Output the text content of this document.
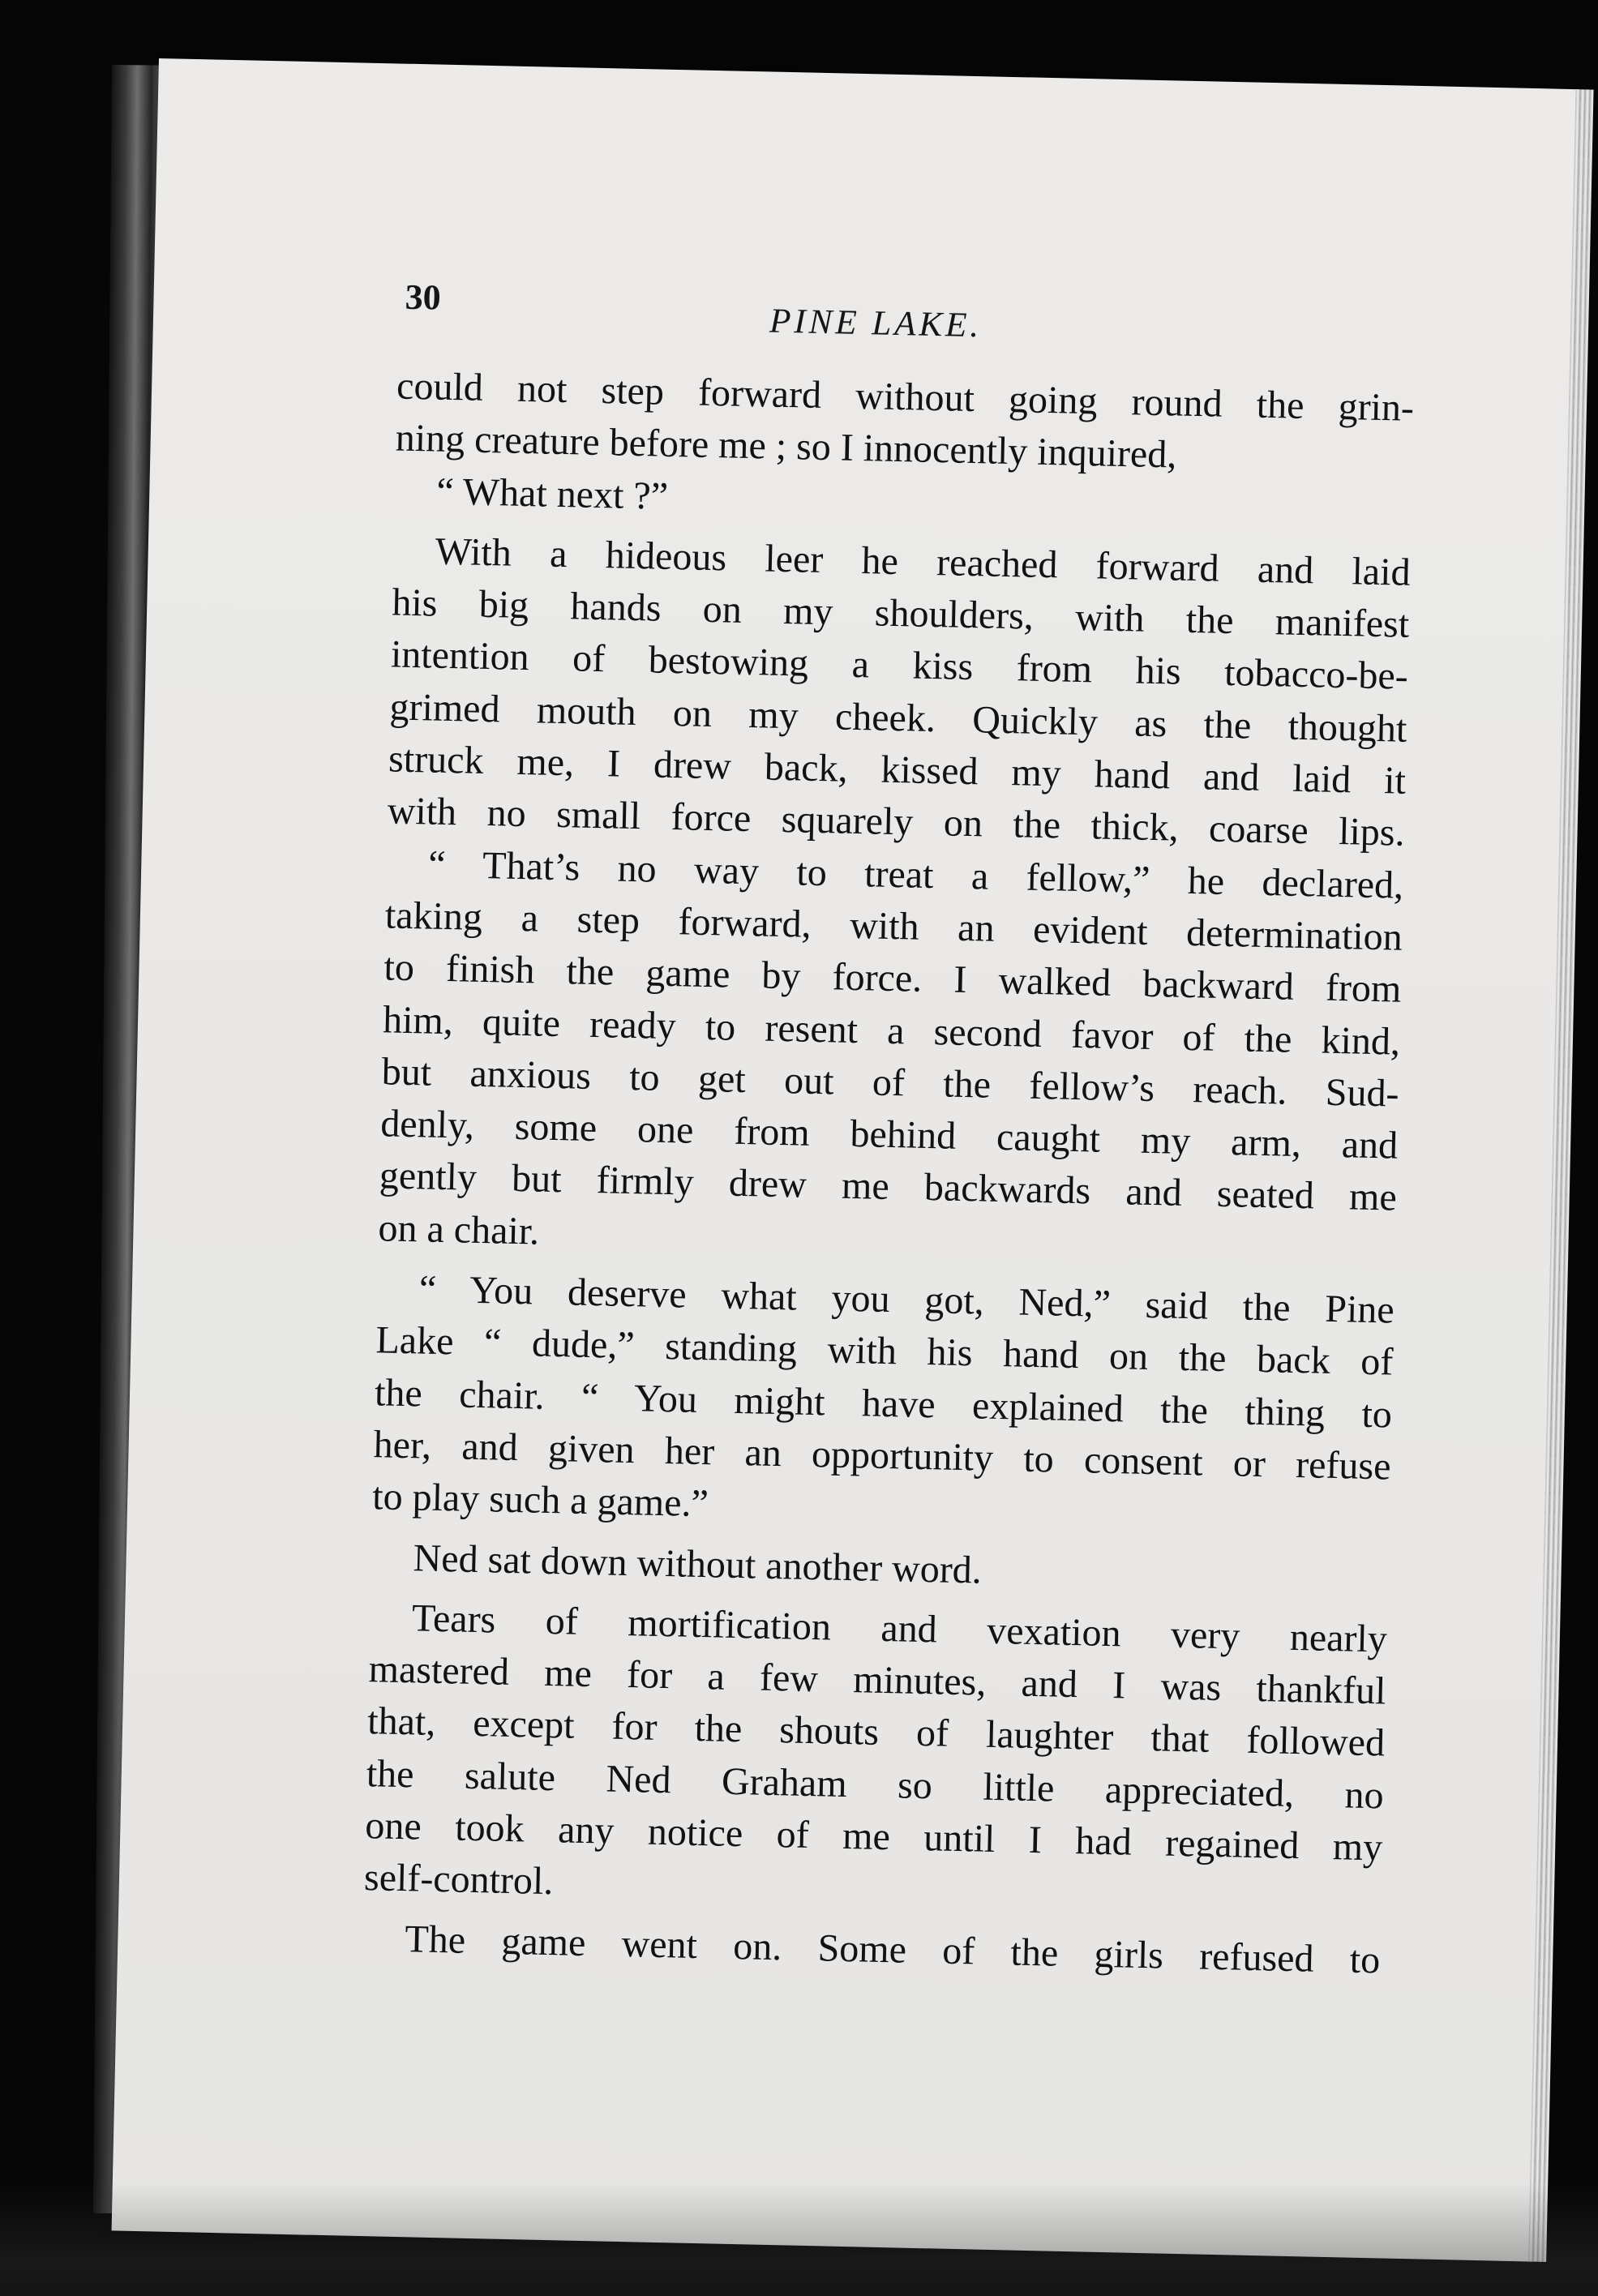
30
PINE LAKE.
could not step forward without going round the grin-
ning creature before me ; so I innocently inquired,
“ What next ?”
With a hideous leer he reached forward and laid
his big hands on my shoulders, with the manifest
intention of bestowing a kiss from his tobacco-be-
grimed mouth on my cheek. Quickly as the thought
struck me, I drew back, kissed my hand and laid it
with no small force squarely on the thick, coarse lips.
“ That’s no way to treat a fellow,” he declared,
taking a step forward, with an evident determination
to finish the game by force. I walked backward from
him, quite ready to resent a second favor of the kind,
but anxious to get out of the fellow’s reach. Sud-
denly, some one from behind caught my arm, and
gently but firmly drew me backwards and seated me
on a chair.
“ You deserve what you got, Ned,” said the Pine
Lake “ dude,” standing with his hand on the back of
the chair. “ You might have explained the thing to
her, and given her an opportunity to consent or refuse
to play such a game.”
Ned sat down without another word.
Tears of mortification and vexation very nearly
mastered me for a few minutes, and I was thankful
that, except for the shouts of laughter that followed
the salute Ned Graham so little appreciated, no
one took any notice of me until I had regained my
self-control.
The game went on. Some of the girls refused to
